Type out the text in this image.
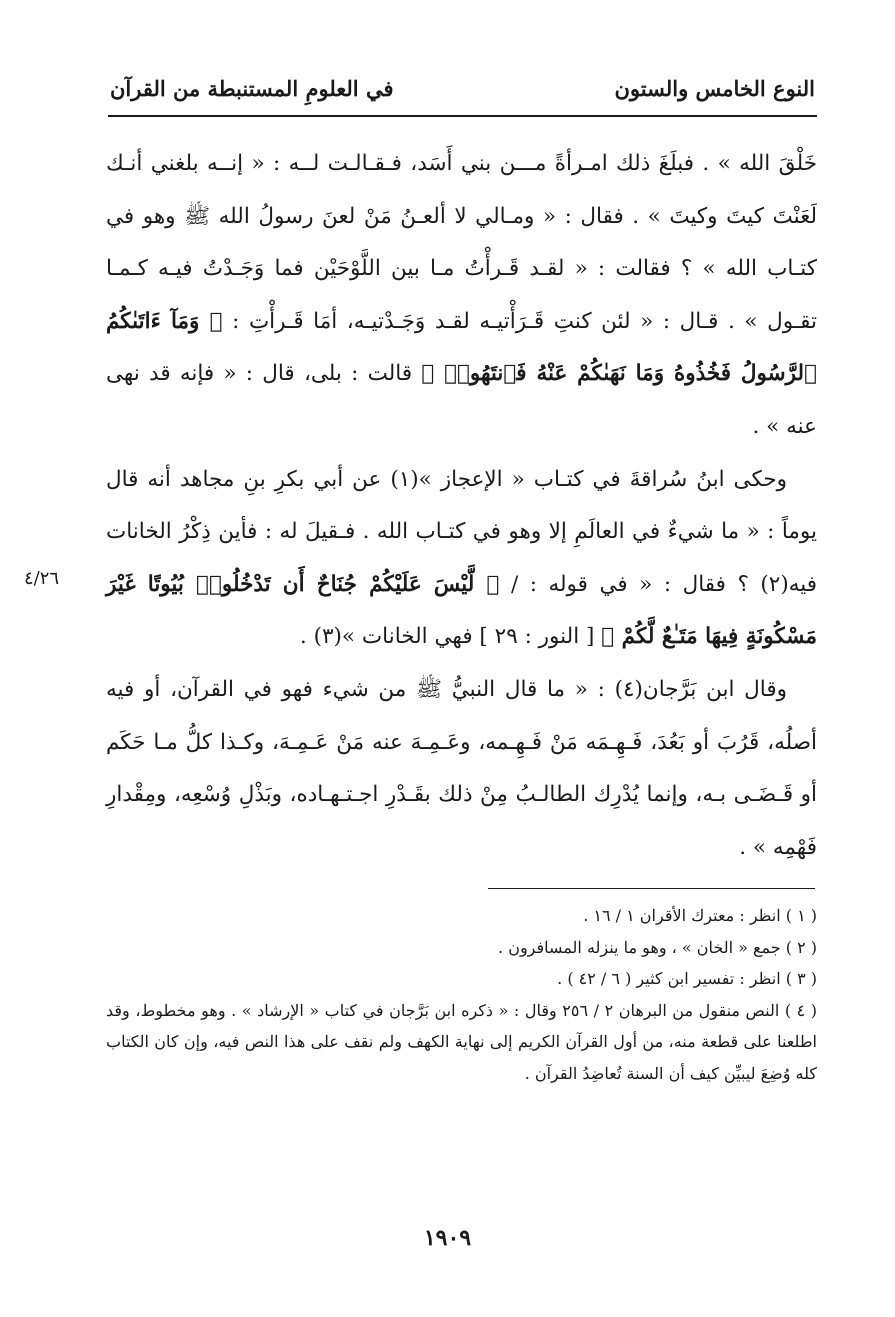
النوع الخامس والستون
في العلومِ المستنبطة من القرآن

خَلْقَ الله » . فبلَغَ ذلك امـرأةً مـــن بني أَسَد، فـقـالـت لــه : « إنــه بلغني أنـك لَعَنْتَ كيتَ وكيتَ » . فقال : « ومـالي لا ألعـنُ مَنْ لعنَ رسولُ الله ﷺ وهو في كتـاب الله » ؟ فقالت : « لقـد قَـرأْتُ مـا بين اللَّوْحَيْن فما وَجَـدْتُ فيـه كـمـا تقـول » . قـال : « لئن كنتِ قَـرَأْتيـه لقـد وَجَـدْتيـه، أمَا قَـرأْتِ : ﴿ وَمَآ ءَاتَىٰكُمُ ٱلرَّسُولُ فَخُذُوهُ وَمَا نَهَىٰكُمْ عَنْهُ فَٱنتَهُوا۟ ﴾ قالت : بلى، قال : « فإنه قد نهى عنه » .

وحكى ابنُ سُراقةَ في كتـاب « الإعجاز »(١) عن أبي بكرِ بنِ مجاهد أنه قال يوماً : « ما شيءٌ في العالَمِ إلا وهو في كتـاب الله . فـقيلَ له : فأين ذِكْرُ الخانات فيه(٢) ؟ فقال : « في قوله : / ﴿ لَّيْسَ عَلَيْكُمْ جُنَاحٌ أَن تَدْخُلُوا۟ بُيُوتًا غَيْرَ مَسْكُونَةٍ فِيهَا مَتَـٰعٌ لَّكُمْ ﴾ [ النور : ٢٩ ] فهي الخانات »(٣) .

وقال ابن بَرَّجان(٤) : « ما قال النبيُّ ﷺ من شيء فهو في القرآن، أو فيه أصلُه، قَرُبَ أو بَعُدَ، فَـهِـمَه مَنْ فَـهِـمه، وعَـمِـهَ عنه مَنْ عَـمِـهَ، وكـذا كلُّ مـا حَكَم أو قَـضَـى بـه، وإنما يُدْرِك الطالـبُ مِنْ ذلك بقَـدْرِ اجـتـهـاده، وبَذْلِ وُسْعِه، ومِقْدارِ فَهْمِه » .

٤/٢٦

( ١ ) انظر : معترك الأقران ١ / ١٦ .

( ٢ ) جمع « الخان » ، وهو ما ينزله المسافرون .

( ٣ ) انظر : تفسير ابن كثير ( ٦ / ٤٢ ) .

( ٤ ) النص منقول من البرهان ٢ / ٢٥٦ وقال : « ذكره ابن بَرَّجان في كتاب « الإرشاد » . وهو مخطوط، وقد اطلعنا على قطعة منه، من أول القرآن الكريم إلى نهاية الكهف ولم نقف على هذا النص فيه، وإن كان الكتاب كله وُضِعَ ليبيِّن كيف أن السنة تُعاضِدُ القرآن .

١٩٠٩
